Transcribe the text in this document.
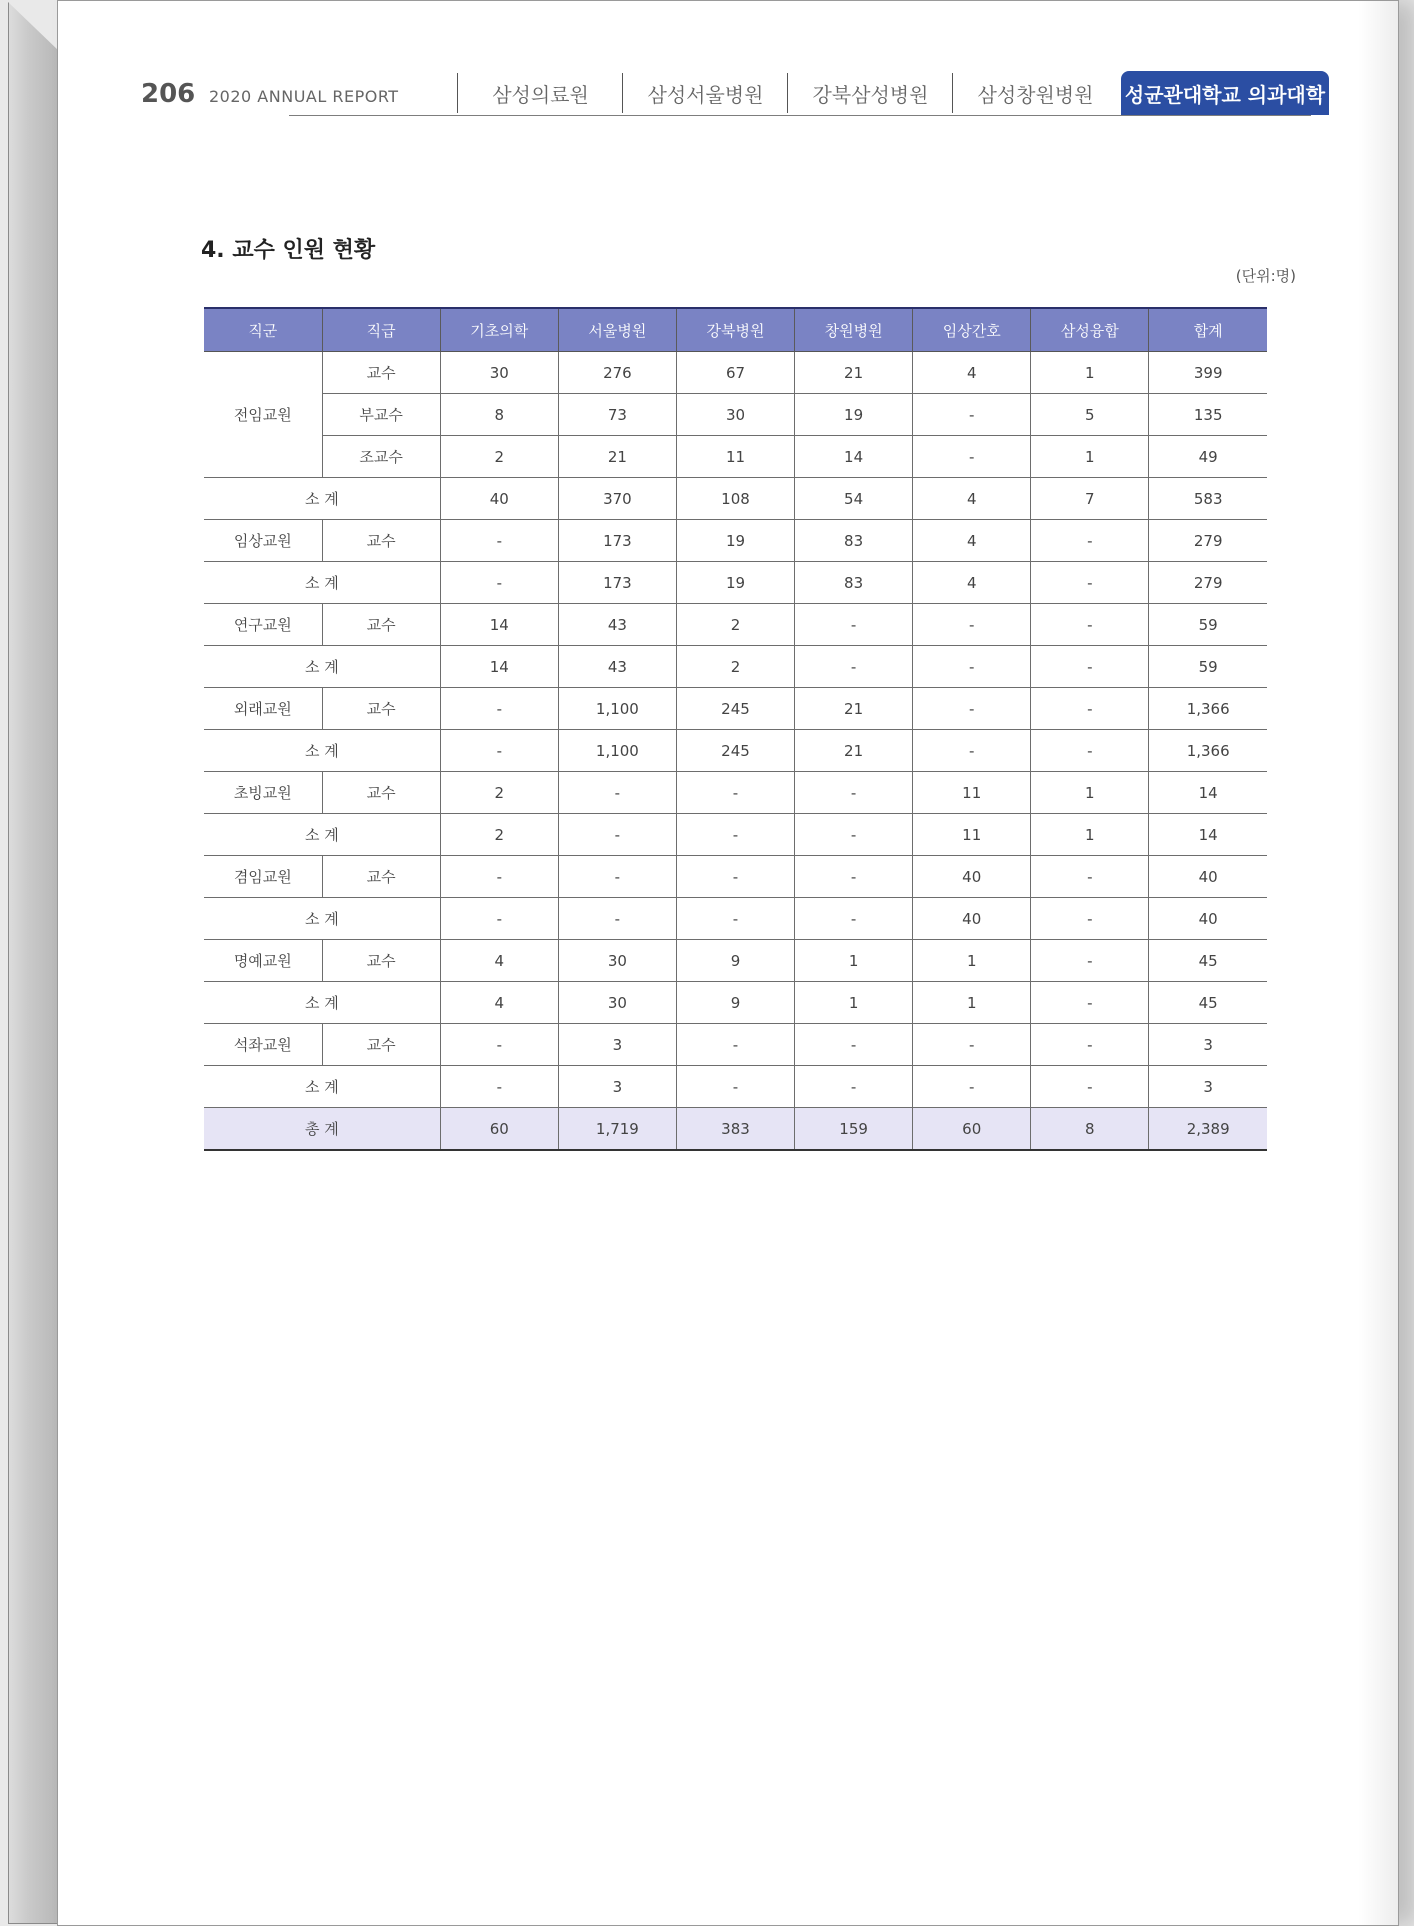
206 2020 ANNUAL REPORT	삼성의료원	삼성서울병원 강북삼성병원 삼성창원병원 성균관대학교 의과대학
4. 교수 인원 현황
(단위:명)
직군	직급	기초의학	서울병원	강북병원	창원병원	임상간호	삼성융합	합계
전임교원	교수	30	276	67	21	4	1	399
	부교수	8	73	30	19	-	5	135
	조교수	2	21	11	14	-	1	49
소 계		40	370	108	54	4	7	583
임상교원	교수	-	173	19	83	4	-	279
소 계		-	173	19	83	4	-	279
연구교원	교수	14	43	2	-	-	-	59
소 계		14	43	2	-	-	-	59
외래교원	교수	-	1,100	245	21	-	-	1,366
소 계		-	1,100	245	21	-	-	1,366
초빙교원	교수	2	-	-	-	11	1	14
소 계		2	-	-	-	11	1	14
겸임교원	교수	-	-	-	-	40	-	40
소 계		-	-	-	-	40	-	40
명예교원	교수	4	30	9	1	1	-	45
소 계		4	30	9	1	1	-	45
석좌교원	교수	-	3	-	-	-	-	3
소 계		-	3	-	-	-	-	3
총 계		60	1,719	383	159	60	8	2,389
